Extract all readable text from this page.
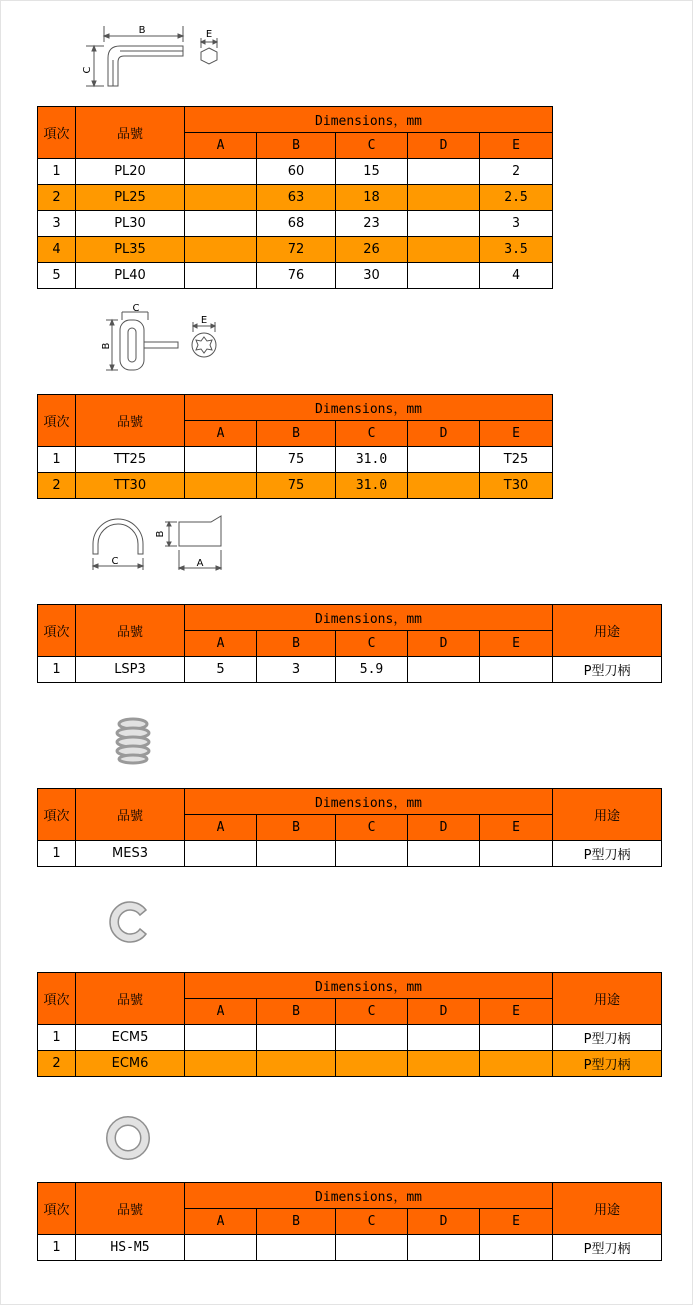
B	E
C
項次	品號	Dimensions，mm				
		A	B	C	D	E
1	PL20		60	15		2
2	PL25		63	18		2.5
3	PL30		68	23		3
4	PL35		72	26		3.5
5	PL40		76	30		4
C
E
B
項次	品號	Dimensions，mm				
		A	B	C	D	E
1	TT25		75	31.0		T25
2	TT30		75	31.0		T30
C
B
A
項次	品號	Dimensions，mm					用途
		A	B	C	D	E	
1	LSP3	5	3	5.9			P型刀柄
項次	品號	Dimensions，mm					用途
		A	B	C	D	E	
1	MES3						P型刀柄
項次	品號	Dimensions，mm					用途
		A	B	C	D	E	
1	ECM5						P型刀柄
2	ECM6						P型刀柄
項次	品號	Dimensions，mm					用途
		A	B	C	D	E	
1	HS-M5						P型刀柄
